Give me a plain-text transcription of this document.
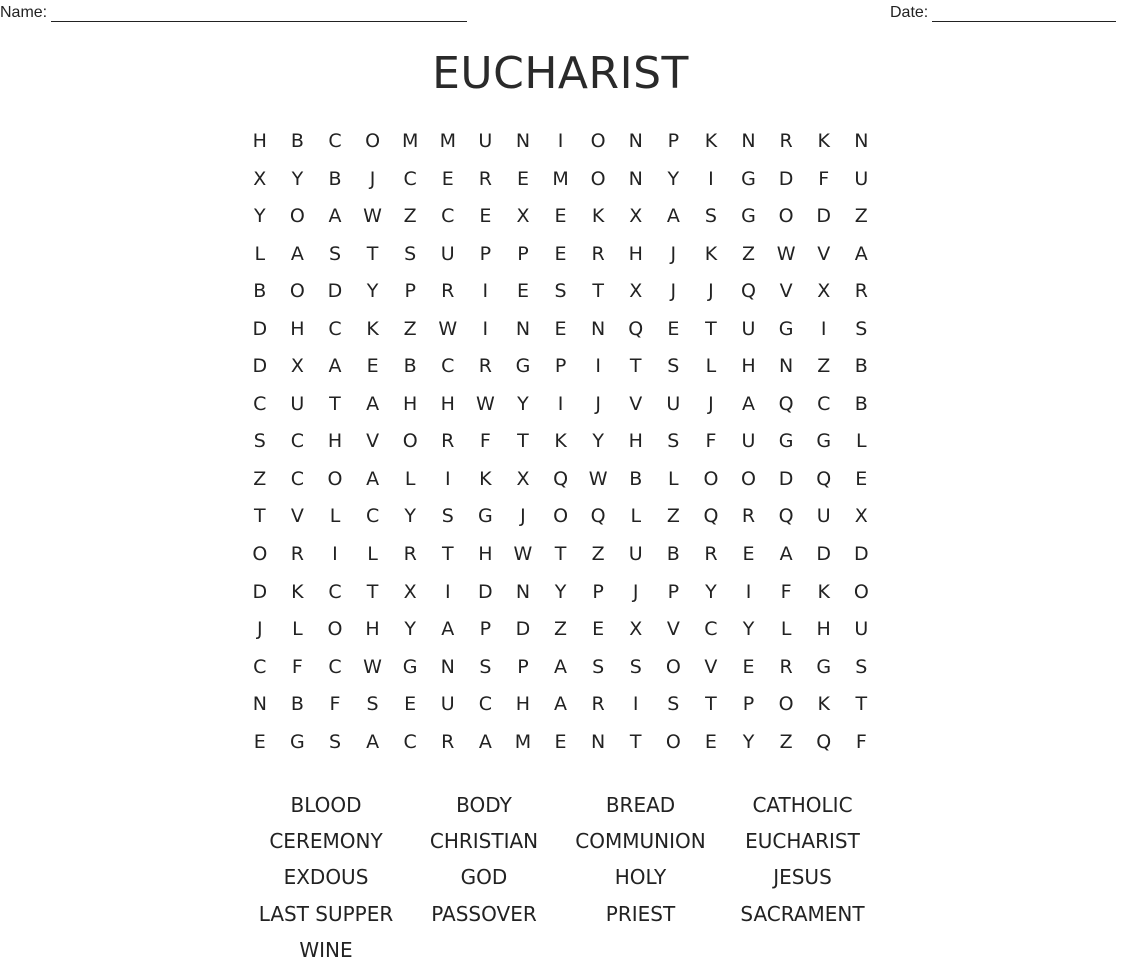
Name:	Date:
EUCHARIST
H	B	C	O	M	M	U	N	I	O	N	P	K	N	R	K	N
X	Y	B	J	C	E	R	E	M	O	N	Y	I	G	D	F	U
Y	O	A	W	Z	C	E	X	E	K	X	A	S	G	O	D	Z
L	A	S	T	S	U	P	P	E	R	H	J	K	Z	W	V	A
B	O	D	Y	P	R	I	E	S	T	X	J	J	Q	V	X	R
D	H	C	K	Z	W	I	N	E	N	Q	E	T	U	G	I	S
D	X	A	E	B	C	R	G	P	I	T	S	L	H	N	Z	B
C	U	T	A	H	H	W	Y	I	J	V	U	J	A	Q	C	B
S	C	H	V	O	R	F	T	K	Y	H	S	F	U	G	G	L
Z	C	O	A	L	I	K	X	Q	W	B	L	O	O	D	Q	E
T	V	L	C	Y	S	G	J	O	Q	L	Z	Q	R	Q	U	X
O	R	I	L	R	T	H	W	T	Z	U	B	R	E	A	D	D
D	K	C	T	X	I	D	N	Y	P	J	P	Y	I	F	K	O
J	L	O	H	Y	A	P	D	Z	E	X	V	C	Y	L	H	U
C	F	C	W	G	N	S	P	A	S	S	O	V	E	R	G	S
N	B	F	S	E	U	C	H	A	R	I	S	T	P	O	K	T
E	G	S	A	C	R	A	M	E	N	T	O	E	Y	Z	Q	F
BLOOD	BODY	BREAD	CATHOLIC
CEREMONY	CHRISTIAN	COMMUNION	EUCHARIST
EXDOUS	GOD	HOLY	JESUS
LAST SUPPER	PASSOVER	PRIEST	SACRAMENT
WINE
